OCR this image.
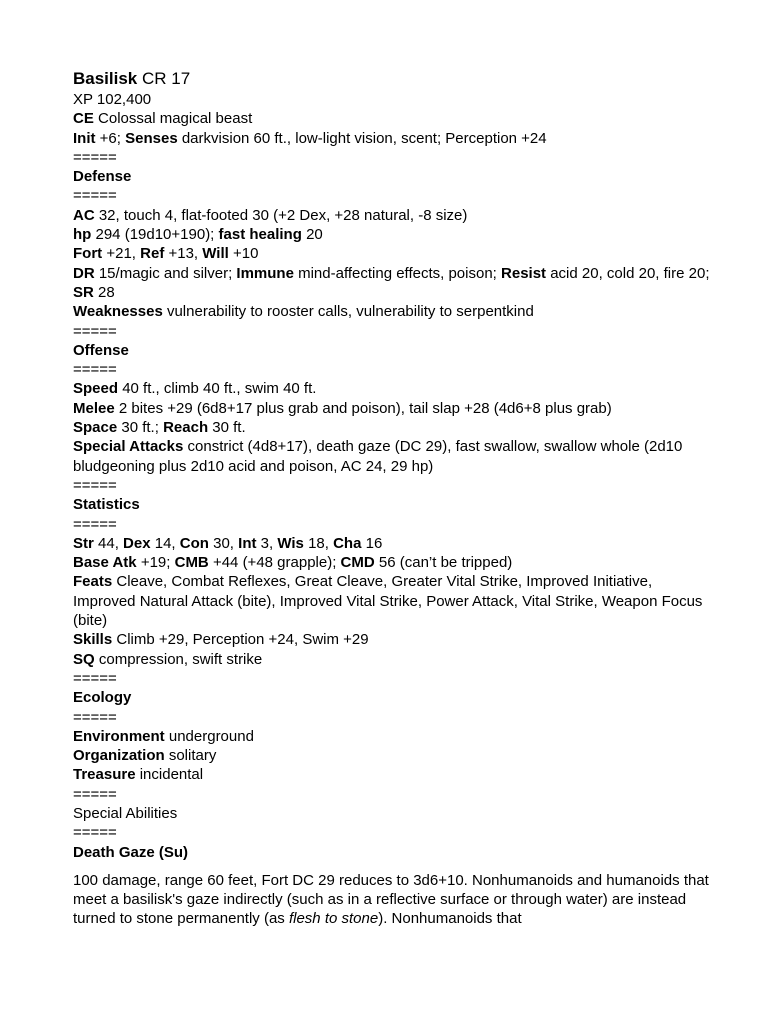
Basilisk CR 17
XP 102,400
CE Colossal magical beast
Init +6; Senses darkvision 60 ft., low-light vision, scent; Perception +24
=====
Defense
=====
AC 32, touch 4, flat-footed 30 (+2 Dex, +28 natural, -8 size)
hp 294 (19d10+190); fast healing 20
Fort +21, Ref +13, Will +10
DR 15/magic and silver; Immune mind-affecting effects, poison; Resist acid 20, cold 20, fire 20; SR 28
Weaknesses vulnerability to rooster calls, vulnerability to serpentkind
=====
Offense
=====
Speed 40 ft., climb 40 ft., swim 40 ft.
Melee 2 bites +29 (6d8+17 plus grab and poison), tail slap +28 (4d6+8 plus grab)
Space 30 ft.; Reach 30 ft.
Special Attacks constrict (4d8+17), death gaze (DC 29), fast swallow, swallow whole (2d10 bludgeoning plus 2d10 acid and poison, AC 24, 29 hp)
=====
Statistics
=====
Str 44, Dex 14, Con 30, Int 3, Wis 18, Cha 16
Base Atk +19; CMB +44 (+48 grapple); CMD 56 (can’t be tripped)
Feats Cleave, Combat Reflexes, Great Cleave, Greater Vital Strike, Improved Initiative, Improved Natural Attack (bite), Improved Vital Strike, Power Attack, Vital Strike, Weapon Focus (bite)
Skills Climb +29, Perception +24, Swim +29
SQ compression, swift strike
=====
Ecology
=====
Environment underground
Organization solitary
Treasure incidental
=====
Special Abilities
=====
Death Gaze (Su)
100 damage, range 60 feet, Fort DC 29 reduces to 3d6+10. Nonhumanoids and humanoids that meet a basilisk's gaze indirectly (such as in a reflective surface or through water) are instead turned to stone permanently (as flesh to stone). Nonhumanoids that
